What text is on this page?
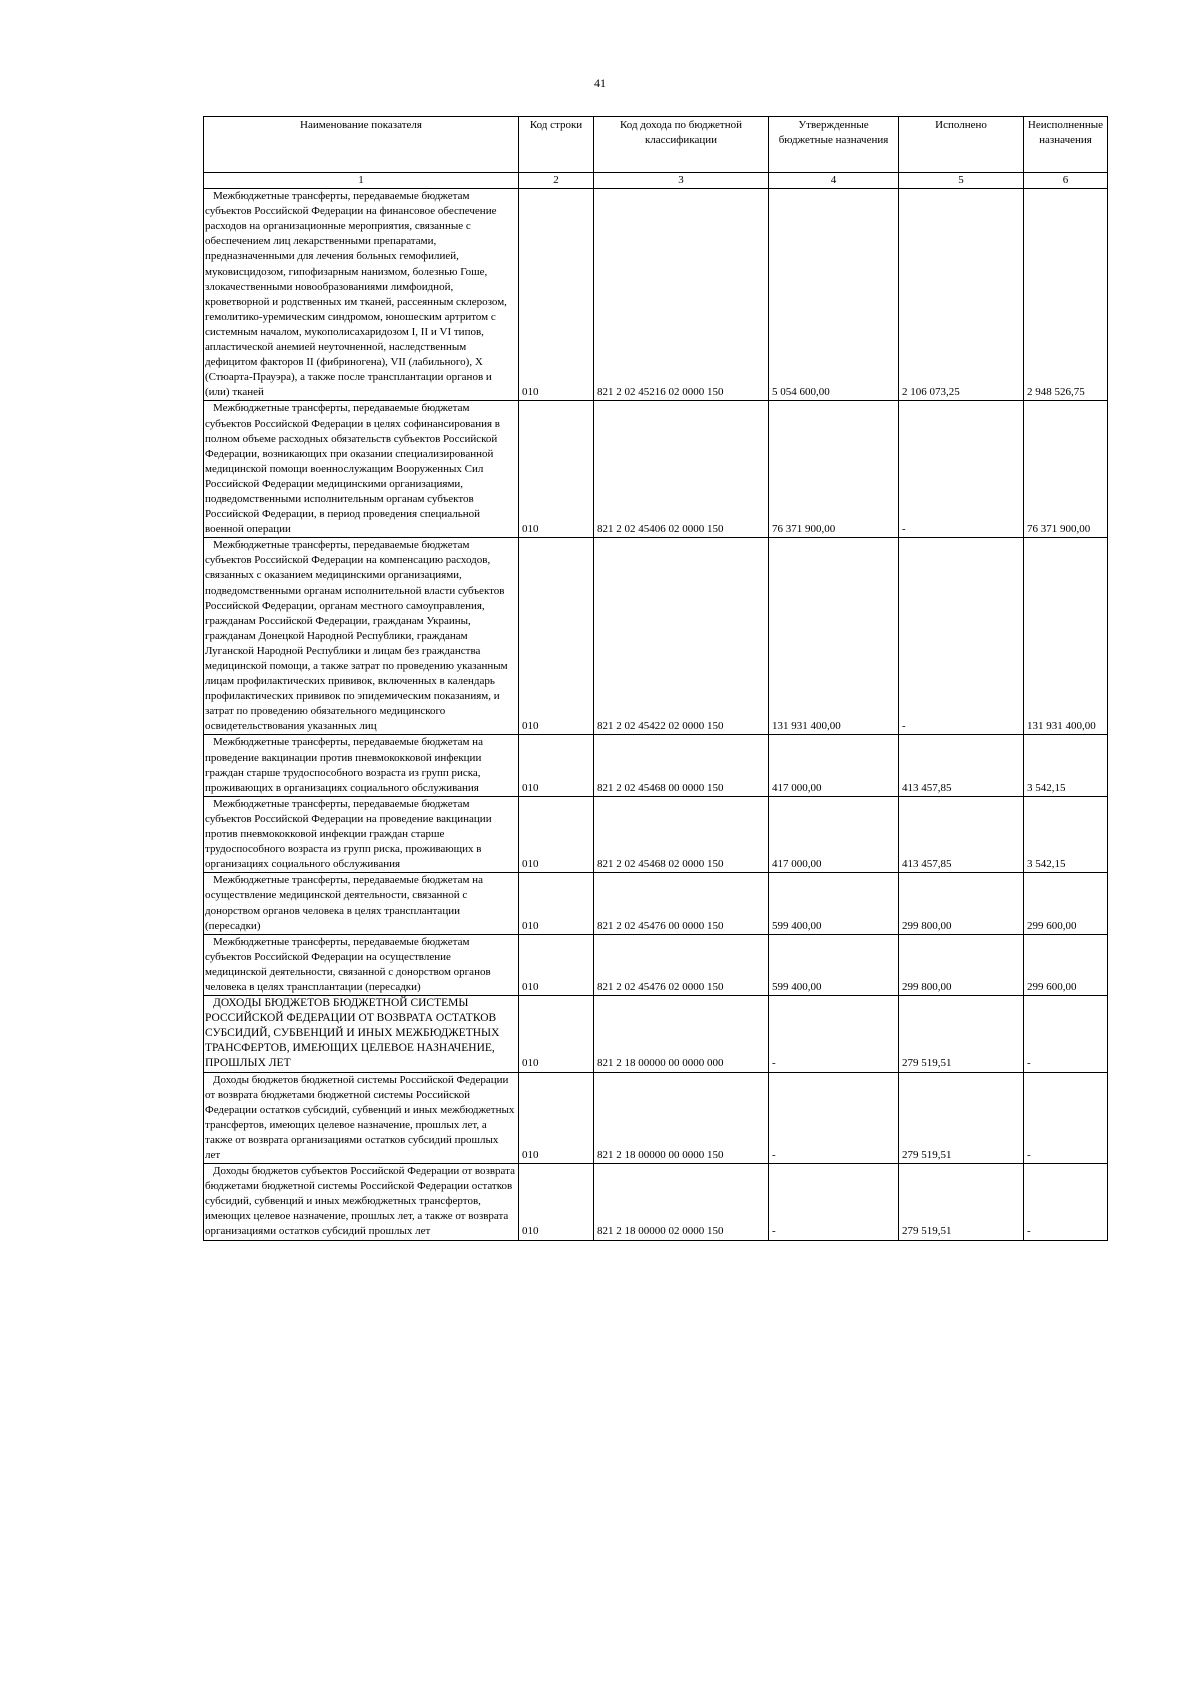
41
Наименование показателя	Код строки	Код дохода по бюджетной классификации	Утвержденные бюджетные назначения	Исполнено	Неисполненные назначения
1	2	3	4	5	6
Межбюджетные трансферты, передаваемые бюджетам субъектов Российской Федерации на финансовое обеспечение расходов на организационные мероприятия, связанные с обеспечением лиц лекарственными препаратами, предназначенными для лечения больных гемофилией, муковисцидозом, гипофизарным нанизмом, болезнью Гоше, злокачественными новообразованиями лимфоидной, кроветворной и родственных им тканей, рассеянным склерозом, гемолитико-уремическим синдромом, юношеским артритом с системным началом, мукополисахаридозом I, II и VI типов, апластической анемией неуточненной, наследственным дефицитом факторов II (фибриногена), VII (лабильного), X (Стюарта-Прауэра), а также после трансплантации органов и (или) тканей	010	821 2 02 45216 02 0000 150	5 054 600,00	2 106 073,25	2 948 526,75
Межбюджетные трансферты, передаваемые бюджетам субъектов Российской Федерации в целях софинансирования в полном объеме расходных обязательств субъектов Российской Федерации, возникающих при оказании специализированной медицинской помощи военнослужащим Вооруженных Сил Российской Федерации медицинскими организациями, подведомственными исполнительным органам субъектов Российской Федерации, в период проведения специальной военной операции	010	821 2 02 45406 02 0000 150	76 371 900,00	-	76 371 900,00
Межбюджетные трансферты, передаваемые бюджетам субъектов Российской Федерации на компенсацию расходов, связанных с оказанием медицинскими организациями, подведомственными органам исполнительной власти субъектов Российской Федерации, органам местного самоуправления, гражданам Российской Федерации, гражданам Украины, гражданам Донецкой Народной Республики, гражданам Луганской Народной Республики и лицам без гражданства медицинской помощи, а также затрат по проведению указанным лицам профилактических прививок, включенных в календарь профилактических прививок по эпидемическим показаниям, и затрат по проведению обязательного медицинского освидетельствования указанных лиц	010	821 2 02 45422 02 0000 150	131 931 400,00	-	131 931 400,00
Межбюджетные трансферты, передаваемые бюджетам на проведение вакцинации против пневмококковой инфекции граждан старше трудоспособного возраста из групп риска, проживающих в организациях социального обслуживания	010	821 2 02 45468 00 0000 150	417 000,00	413 457,85	3 542,15
Межбюджетные трансферты, передаваемые бюджетам субъектов Российской Федерации на проведение вакцинации против пневмококковой инфекции граждан старше трудоспособного возраста из групп риска, проживающих в организациях социального обслуживания	010	821 2 02 45468 02 0000 150	417 000,00	413 457,85	3 542,15
Межбюджетные трансферты, передаваемые бюджетам на осуществление медицинской деятельности, связанной с донорством органов человека в целях трансплантации (пересадки)	010	821 2 02 45476 00 0000 150	599 400,00	299 800,00	299 600,00
Межбюджетные трансферты, передаваемые бюджетам субъектов Российской Федерации на осуществление медицинской деятельности, связанной с донорством органов человека в целях трансплантации (пересадки)	010	821 2 02 45476 02 0000 150	599 400,00	299 800,00	299 600,00
ДОХОДЫ БЮДЖЕТОВ БЮДЖЕТНОЙ СИСТЕМЫ РОССИЙСКОЙ ФЕДЕРАЦИИ ОТ ВОЗВРАТА ОСТАТКОВ СУБСИДИЙ, СУБВЕНЦИЙ И ИНЫХ МЕЖБЮДЖЕТНЫХ ТРАНСФЕРТОВ, ИМЕЮЩИХ ЦЕЛЕВОЕ НАЗНАЧЕНИЕ, ПРОШЛЫХ ЛЕТ	010	821 2 18 00000 00 0000 000	-	279 519,51	-
Доходы бюджетов бюджетной системы Российской Федерации от возврата бюджетами бюджетной системы Российской Федерации остатков субсидий, субвенций и иных межбюджетных трансфертов, имеющих целевое назначение, прошлых лет, а также от возврата организациями остатков субсидий прошлых лет	010	821 2 18 00000 00 0000 150	-	279 519,51	-
Доходы бюджетов субъектов Российской Федерации от возврата бюджетами бюджетной системы Российской Федерации остатков субсидий, субвенций и иных межбюджетных трансфертов, имеющих целевое назначение, прошлых лет, а также от возврата организациями остатков субсидий прошлых лет	010	821 2 18 00000 02 0000 150	-	279 519,51	-
